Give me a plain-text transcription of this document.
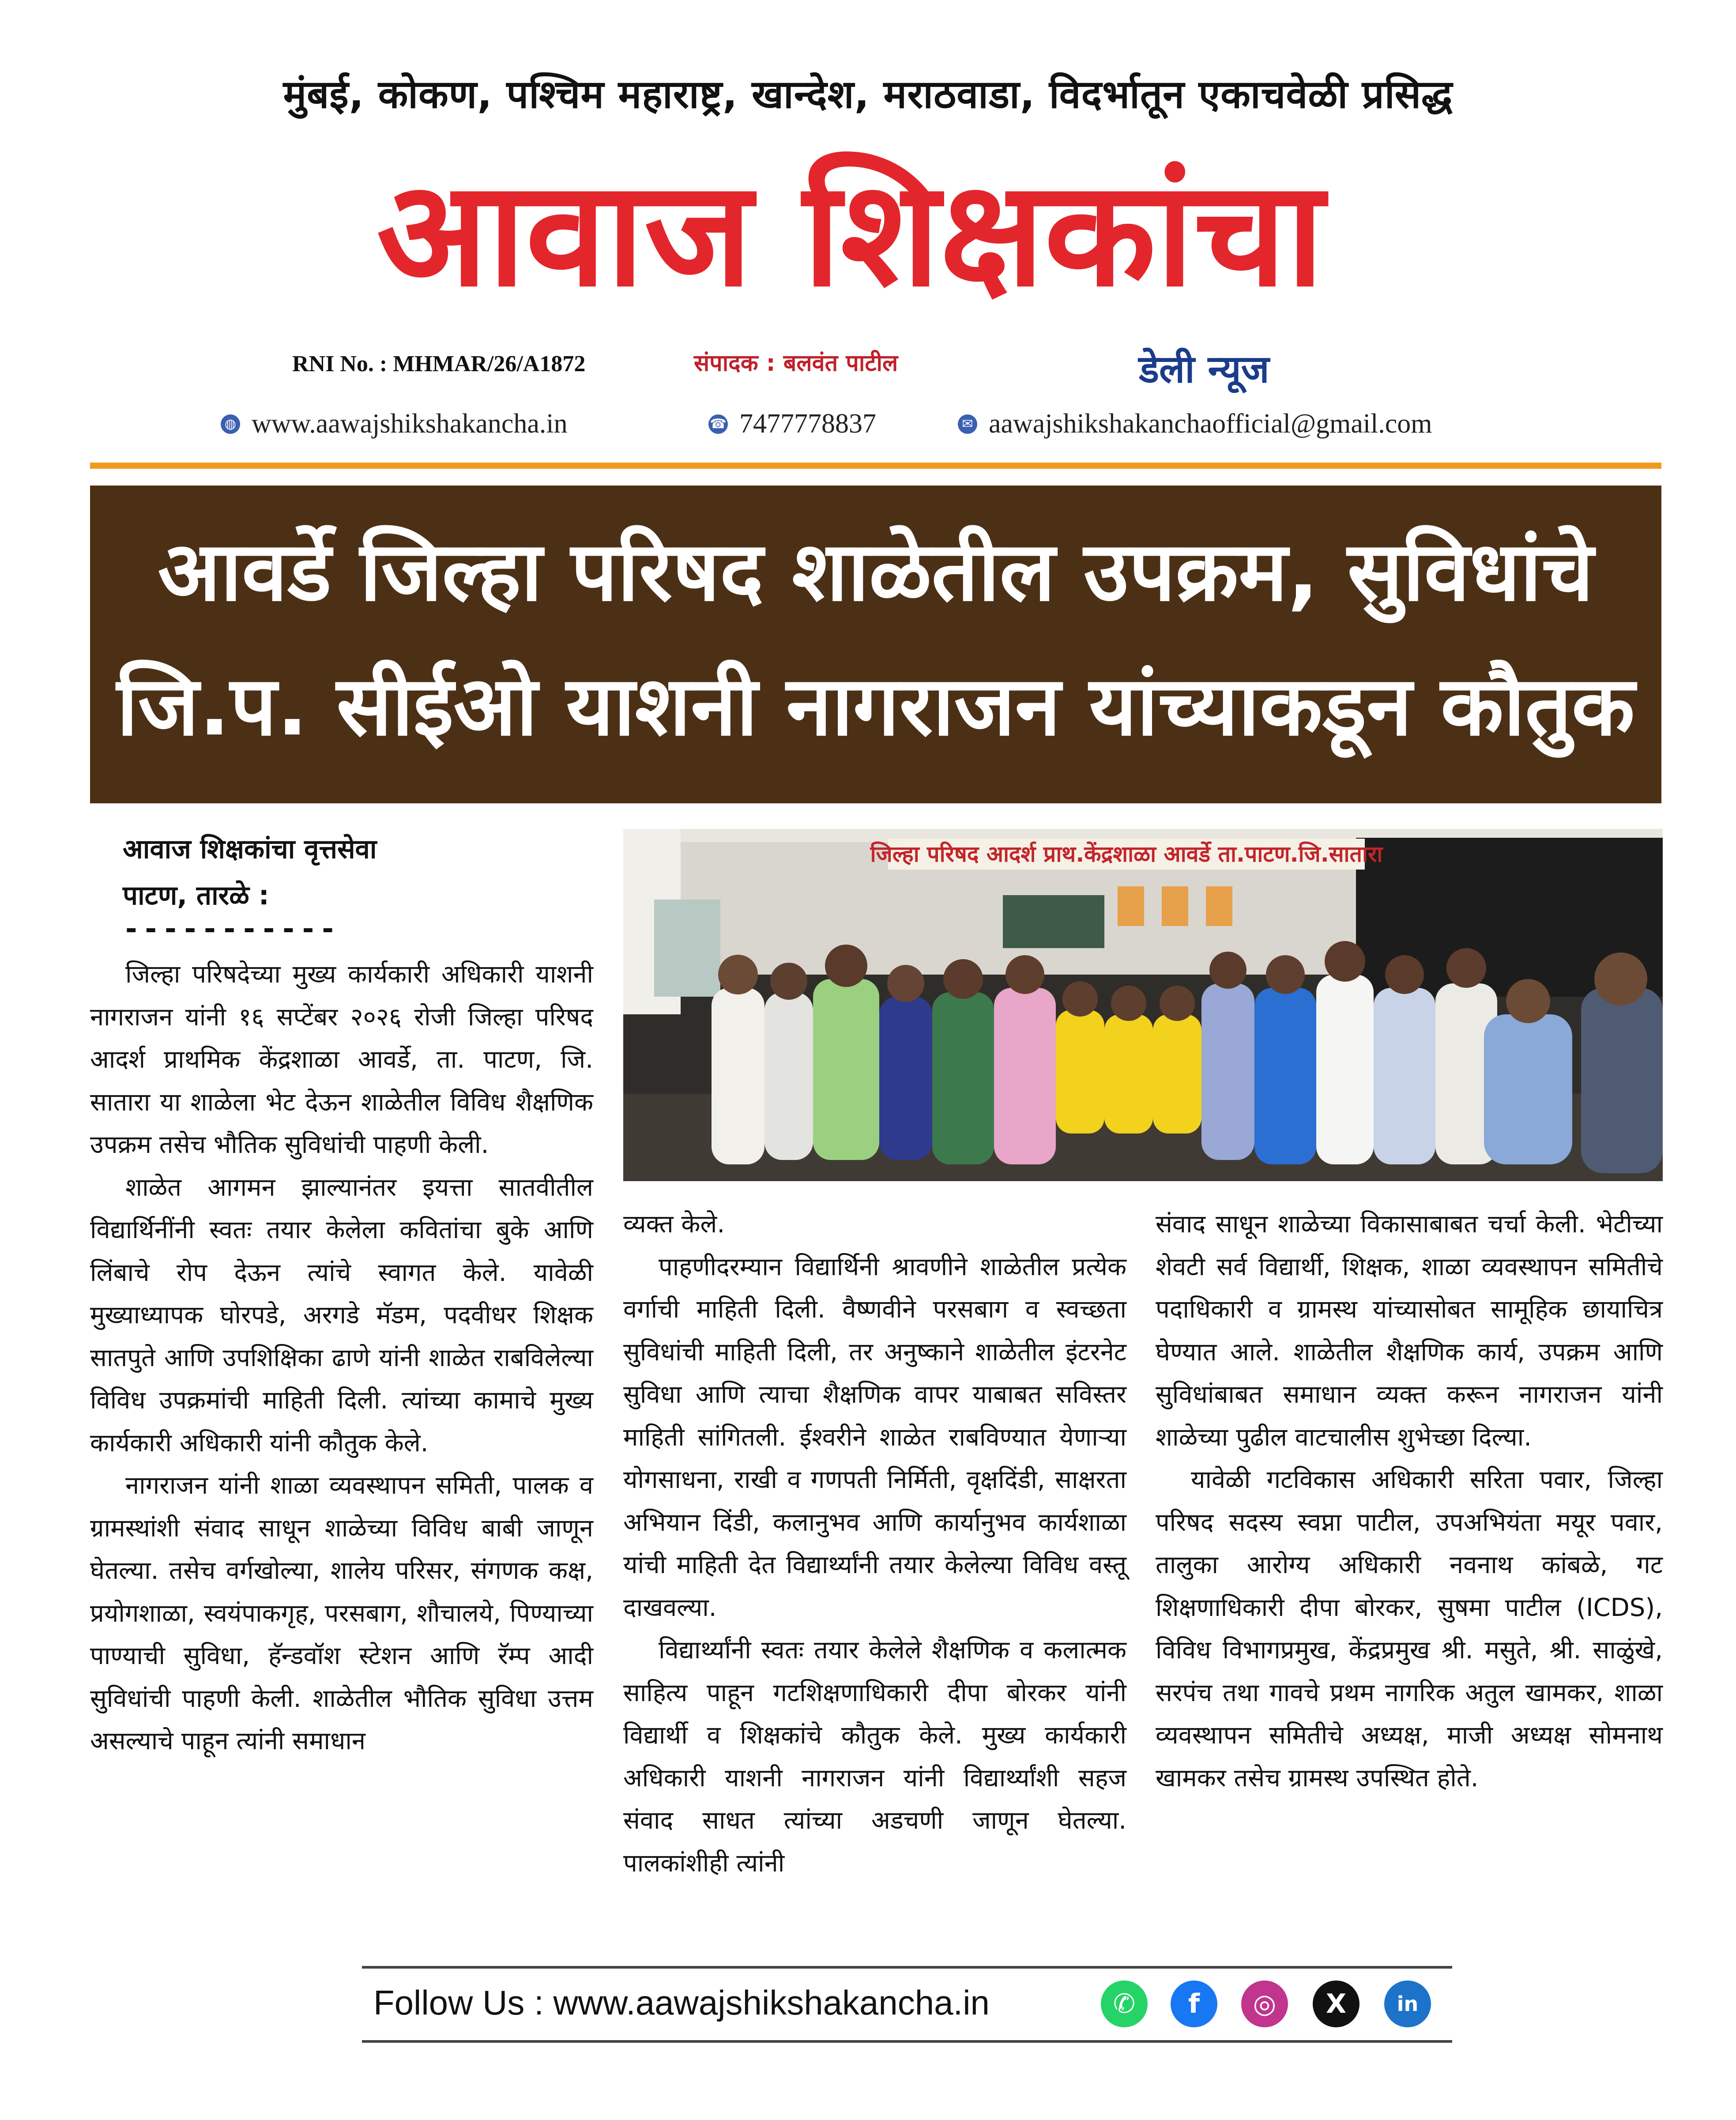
मुंबई, कोकण, पश्चिम महाराष्ट्र, खान्देश, मराठवाडा, विदर्भातून एकाचवेळी प्रसिद्ध
आवाज शिक्षकांचा
RNI No. : MHMAR/26/A1872	संपादक : बलवंत पाटील	डेली न्यूज
◍ www.aawajshikshakancha.in	☎ 7477778837	✉ aawajshikshakanchaofficial@gmail.com
आवर्डे जिल्हा परिषद शाळेतील उपक्रम, सुविधांचे
जि.प. सीईओ याशनी नागराजन यांच्याकडून कौतुक
आवाज शिक्षकांचा वृत्तसेवा
पाटण, तारळे :
-----------
जिल्हा परिषद आदर्श प्राथ.केंद्रशाळा आवर्डे ता.पाटण.जि.सातारा

जिल्हा परिषदेच्या मुख्य कार्यकारी अधिकारी याशनी नागराजन यांनी १६ सप्टेंबर २०२६ रोजी जिल्हा परिषद आदर्श प्राथमिक केंद्रशाळा आवर्डे, ता. पाटण, जि. सातारा या शाळेला भेट देऊन शाळेतील विविध शैक्षणिक उपक्रम तसेच भौतिक सुविधांची पाहणी केली.

शाळेत आगमन झाल्यानंतर इयत्ता सातवीतील विद्यार्थिनींनी स्वतः तयार केलेला कवितांचा बुके आणि लिंबाचे रोप देऊन त्यांचे स्वागत केले. यावेळी मुख्याध्यापक घोरपडे, अरगडे मॅडम, पदवीधर शिक्षक सातपुते आणि उपशिक्षिका ढाणे यांनी शाळेत राबविलेल्या विविध उपक्रमांची माहिती दिली. त्यांच्या कामाचे मुख्य कार्यकारी अधिकारी यांनी कौतुक केले.

नागराजन यांनी शाळा व्यवस्थापन समिती, पालक व ग्रामस्थांशी संवाद साधून शाळेच्या विविध बाबी जाणून घेतल्या. तसेच वर्गखोल्या, शालेय परिसर, संगणक कक्ष, प्रयोगशाळा, स्वयंपाकगृह, परसबाग, शौचालये, पिण्याच्या पाण्याची सुविधा, हॅन्डवॉश स्टेशन आणि रॅम्प आदी सुविधांची पाहणी केली. शाळेतील भौतिक सुविधा उत्तम असल्याचे पाहून त्यांनी समाधान

व्यक्त केले.

पाहणीदरम्यान विद्यार्थिनी श्रावणीने शाळेतील प्रत्येक वर्गाची माहिती दिली. वैष्णवीने परसबाग व स्वच्छता सुविधांची माहिती दिली, तर अनुष्काने शाळेतील इंटरनेट सुविधा आणि त्याचा शैक्षणिक वापर याबाबत सविस्तर माहिती सांगितली. ईश्वरीने शाळेत राबविण्यात येणाऱ्या योगसाधना, राखी व गणपती निर्मिती, वृक्षदिंडी, साक्षरता अभियान दिंडी, कलानुभव आणि कार्यानुभव कार्यशाळा यांची माहिती देत विद्यार्थ्यांनी तयार केलेल्या विविध वस्तू दाखवल्या.

विद्यार्थ्यांनी स्वतः तयार केलेले शैक्षणिक व कलात्मक साहित्य पाहून गटशिक्षणाधिकारी दीपा बोरकर यांनी विद्यार्थी व शिक्षकांचे कौतुक केले. मुख्य कार्यकारी अधिकारी याशनी नागराजन यांनी विद्यार्थ्यांशी सहज संवाद साधत त्यांच्या अडचणी जाणून घेतल्या. पालकांशीही त्यांनी

संवाद साधून शाळेच्या विकासाबाबत चर्चा केली. भेटीच्या शेवटी सर्व विद्यार्थी, शिक्षक, शाळा व्यवस्थापन समितीचे पदाधिकारी व ग्रामस्थ यांच्यासोबत सामूहिक छायाचित्र घेण्यात आले. शाळेतील शैक्षणिक कार्य, उपक्रम आणि सुविधांबाबत समाधान व्यक्त करून नागराजन यांनी शाळेच्या पुढील वाटचालीस शुभेच्छा दिल्या.

यावेळी गटविकास अधिकारी सरिता पवार, जिल्हा परिषद सदस्य स्वप्ना पाटील, उपअभियंता मयूर पवार, तालुका आरोग्य अधिकारी नवनाथ कांबळे, गट शिक्षणाधिकारी दीपा बोरकर, सुषमा पाटील (ICDS), विविध विभागप्रमुख, केंद्रप्रमुख श्री. मसुते, श्री. साळुंखे, सरपंच तथा गावचे प्रथम नागरिक अतुल खामकर, शाळा व्यवस्थापन समितीचे अध्यक्ष, माजी अध्यक्ष सोमनाथ खामकर तसेच ग्रामस्थ उपस्थित होते.

Follow Us : www.aawajshikshakancha.in	✆	f	◎	X	in
